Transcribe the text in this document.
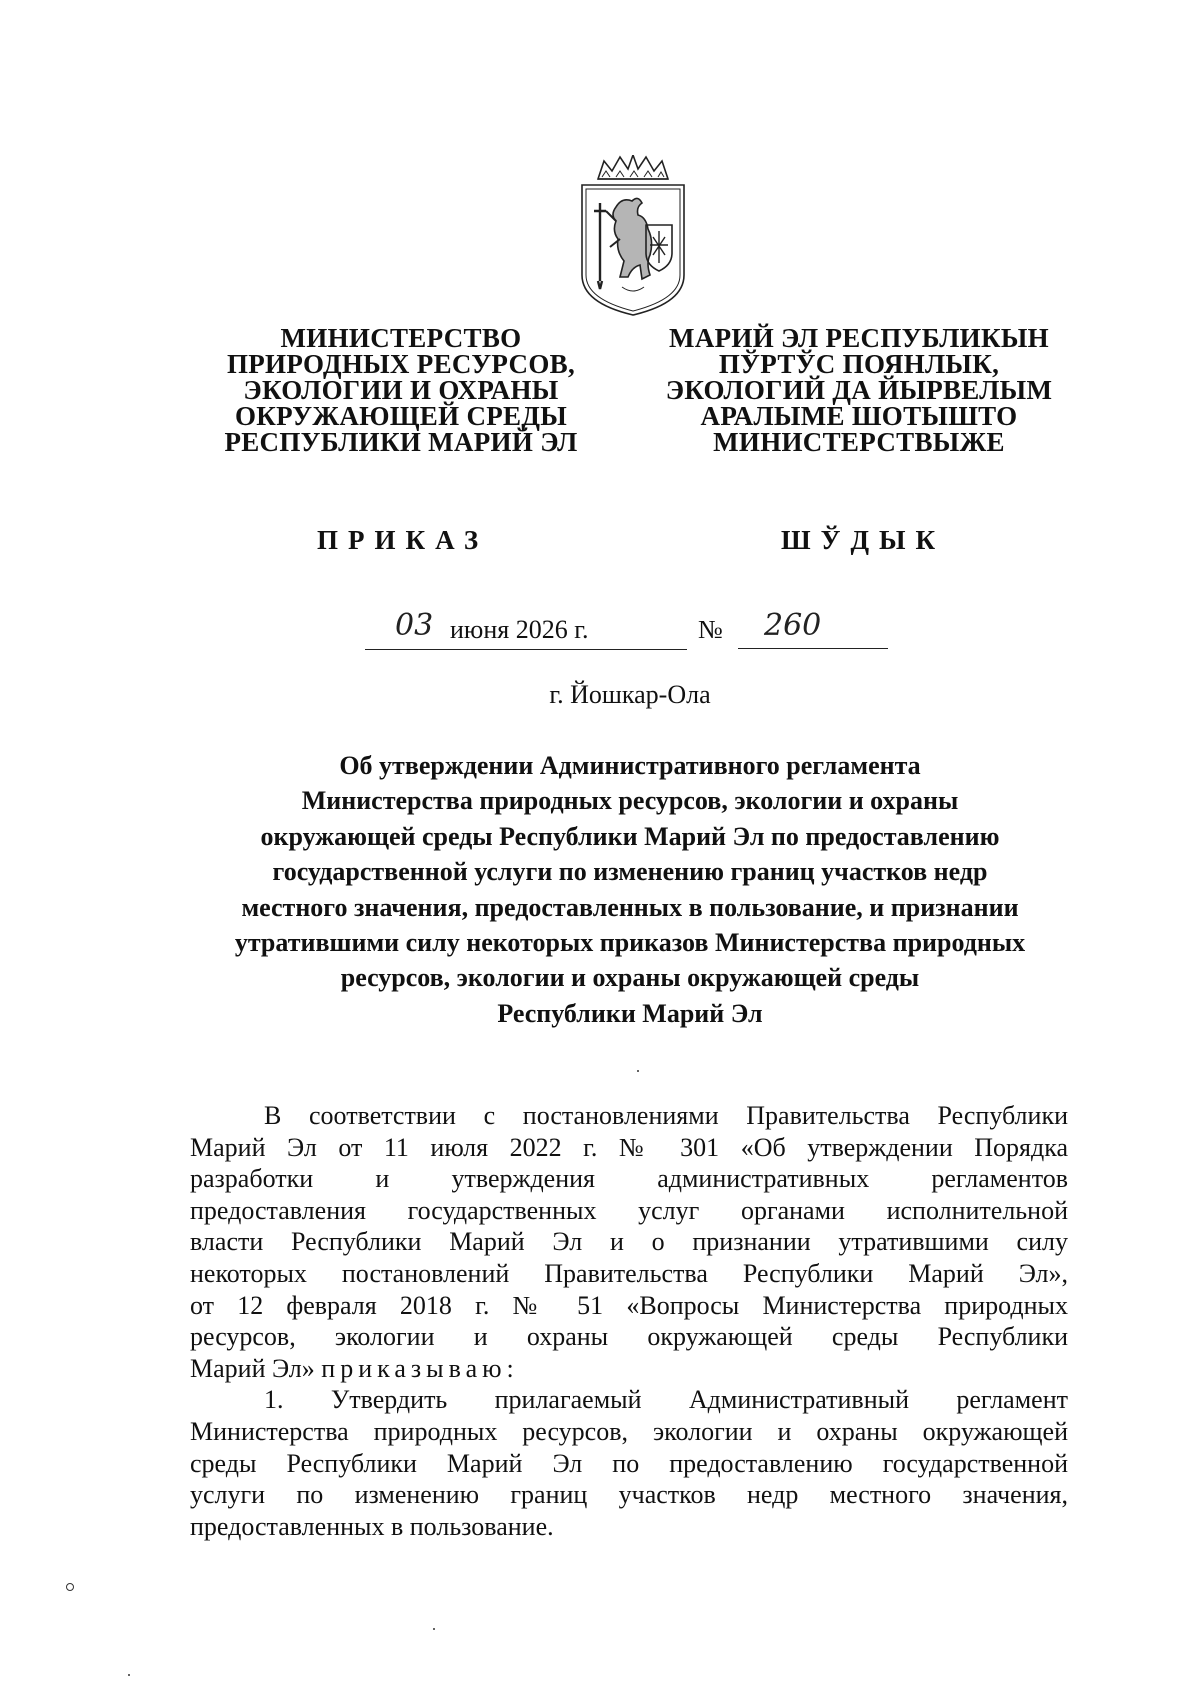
МИНИСТЕРСТВО
ПРИРОДНЫХ РЕСУРСОВ,
ЭКОЛОГИИ И ОХРАНЫ
ОКРУЖАЮЩЕЙ СРЕДЫ
РЕСПУБЛИКИ МАРИЙ ЭЛ
МАРИЙ ЭЛ РЕСПУБЛИКЫН
ПЎРТЎС ПОЯНЛЫК,
ЭКОЛОГИЙ ДА ЙЫРВЕЛЫМ
АРАЛЫМЕ ШОТЫШТО
МИНИСТЕРСТВЫЖЕ
ПРИКАЗ	ШЎДЫК
03 июня 2026 г.	№ 260
г. Йошкар-Ола
Об утверждении Административного регламента
Министерства природных ресурсов, экологии и охраны
окружающей среды Республики Марий Эл по предоставлению
государственной услуги по изменению границ участков недр
местного значения, предоставленных в пользование, и признании
утратившими силу некоторых приказов Министерства природных
ресурсов, экологии и охраны окружающей среды
Республики Марий Эл
В соответствии с постановлениями Правительства Республики
Марий Эл от 11 июля 2022 г. № 301 «Об утверждении Порядка
разработки и утверждения административных регламентов
предоставления государственных услуг органами исполнительной
власти Республики Марий Эл и о признании утратившими силу
некоторых постановлений Правительства Республики Марий Эл»,
от 12 февраля 2018 г. № 51 «Вопросы Министерства природных
ресурсов, экологии и охраны окружающей среды Республики
Марий Эл» приказываю:
1. Утвердить прилагаемый Административный регламент
Министерства природных ресурсов, экологии и охраны окружающей
среды Республики Марий Эл по предоставлению государственной
услуги по изменению границ участков недр местного значения,
предоставленных в пользование.
